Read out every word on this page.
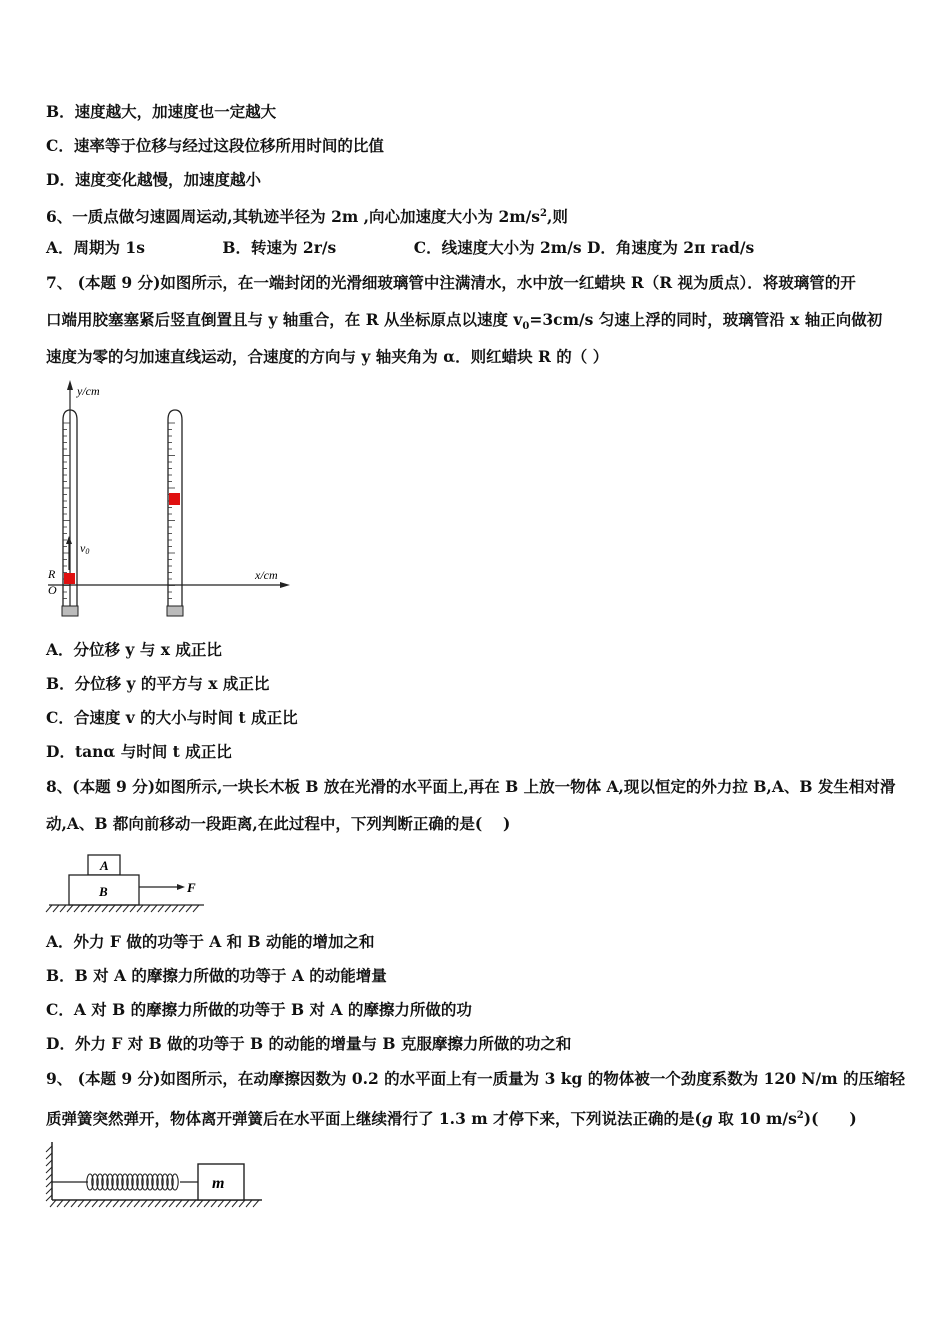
B．速度越大，加速度也一定越大
C．速率等于位移与经过这段位移所用时间的比值
D．速度变化越慢，加速度越小
6、一质点做匀速圆周运动,其轨迹半径为 2m ,向心加速度大小为 $2m/s^2$,则
A．周期为 1s　　　　　B．转速为 2r/s　　　　　C．线速度大小为 2m/s D．角速度为 2π rad/s
7、 (本题 9 分)如图所示，在一端封闭的光滑细玻璃管中注满清水，水中放一红蜡块 R（R 视为质点）．将玻璃管的开
口端用胶塞塞紧后竖直倒置且与 y 轴重合，在 R 从坐标原点以速度 $v_0=3cm/s$ 匀速上浮的同时，玻璃管沿 x 轴正向做初
速度为零的匀加速直线运动，合速度的方向与 y 轴夹角为 α．则红蜡块 R 的（ ）
y/cm
x/cm
v0
R
O
A．分位移 y 与 x 成正比
B．分位移 y 的平方与 x 成正比
C．合速度 v 的大小与时间 t 成正比
D．tanα 与时间 t 成正比
8、(本题 9 分)如图所示,一块长木板 B 放在光滑的水平面上,再在 B 上放一物体 A,现以恒定的外力拉 B,A、B 发生相对滑
动,A、B 都向前移动一段距离,在此过程中，下列判断正确的是(　 )
A
B	F
A．外力 F 做的功等于 A 和 B 动能的增加之和
B．B 对 A 的摩擦力所做的功等于 A 的动能增量
C．A 对 B 的摩擦力所做的功等于 B 对 A 的摩擦力所做的功
D．外力 F 对 B 做的功等于 B 的动能的增量与 B 克服摩擦力所做的功之和
9、 (本题 9 分)如图所示，在动摩擦因数为 0.2 的水平面上有一质量为 3 kg 的物体被一个劲度系数为 120 N/m 的压缩轻
质弹簧突然弹开，物体离开弹簧后在水平面上继续滑行了 1.3 m 才停下来，下列说法正确的是(g 取 10 $m/s^2$)(　　)
m
